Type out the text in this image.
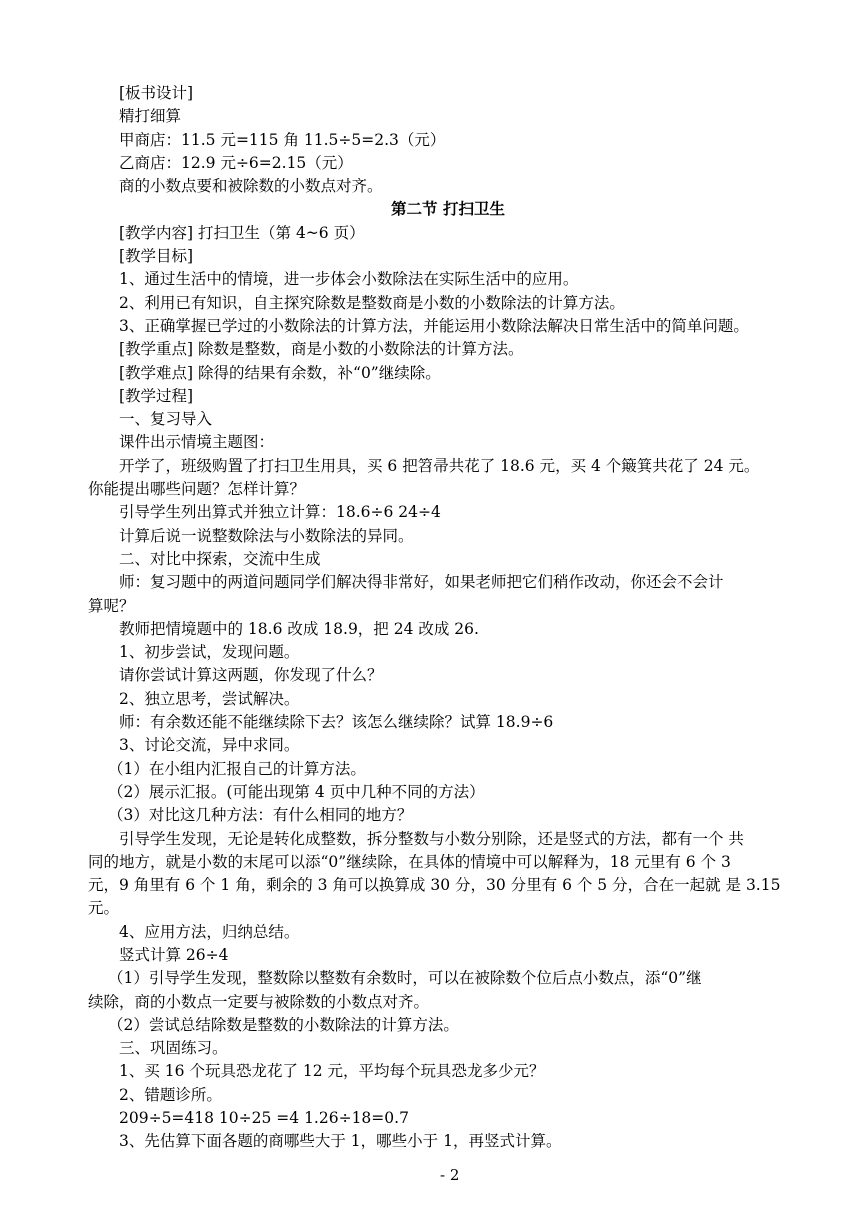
[板书设计]
精打细算
甲商店：11.5 元=115 角 11.5÷5=2.3（元）
乙商店：12.9 元÷6=2.15（元）
商的小数点要和被除数的小数点对齐。
第二节 打扫卫生
[教学内容] 打扫卫生（第 4~6 页）
[教学目标]
1、通过生活中的情境，进一步体会小数除法在实际生活中的应用。
2、利用已有知识，自主探究除数是整数商是小数的小数除法的计算方法。
3、正确掌握已学过的小数除法的计算方法，并能运用小数除法解决日常生活中的简单问题。
[教学重点] 除数是整数，商是小数的小数除法的计算方法。
[教学难点] 除得的结果有余数，补“0”继续除。
[教学过程]
一、复习导入
课件出示情境主题图：
开学了，班级购置了打扫卫生用具，买 6 把笤帚共花了 18.6 元，买 4 个簸箕共花了 24 元。
你能提出哪些问题？怎样计算？
引导学生列出算式并独立计算：18.6÷6 24÷4
计算后说一说整数除法与小数除法的异同。
二、对比中探索，交流中生成
师：复习题中的两道问题同学们解决得非常好，如果老师把它们稍作改动，你还会不会计
算呢？
教师把情境题中的 18.6 改成 18.9，把 24 改成 26.
1、初步尝试，发现问题。
请你尝试计算这两题，你发现了什么？
2、独立思考，尝试解决。
师：有余数还能不能继续除下去？该怎么继续除？试算 18.9÷6
3、讨论交流，异中求同。
（1）在小组内汇报自己的计算方法。
（2）展示汇报。(可能出现第 4 页中几种不同的方法）
（3）对比这几种方法：有什么相同的地方？
引导学生发现，无论是转化成整数，拆分整数与小数分别除，还是竖式的方法，都有一个 共
同的地方，就是小数的末尾可以添“0”继续除，在具体的情境中可以解释为，18 元里有 6 个 3
元，9 角里有 6 个 1 角，剩余的 3 角可以换算成 30 分，30 分里有 6 个 5 分，合在一起就 是 3.15
元。
4、应用方法，归纳总结。
竖式计算 26÷4
（1）引导学生发现，整数除以整数有余数时，可以在被除数个位后点小数点，添“0”继
续除，商的小数点一定要与被除数的小数点对齐。
（2）尝试总结除数是整数的小数除法的计算方法。
三、巩固练习。
1、买 16 个玩具恐龙花了 12 元，平均每个玩具恐龙多少元？
2、错题诊所。
209÷5=418 10÷25 =4 1.26÷18=0.7
3、先估算下面各题的商哪些大于 1，哪些小于 1，再竖式计算。
- 2
